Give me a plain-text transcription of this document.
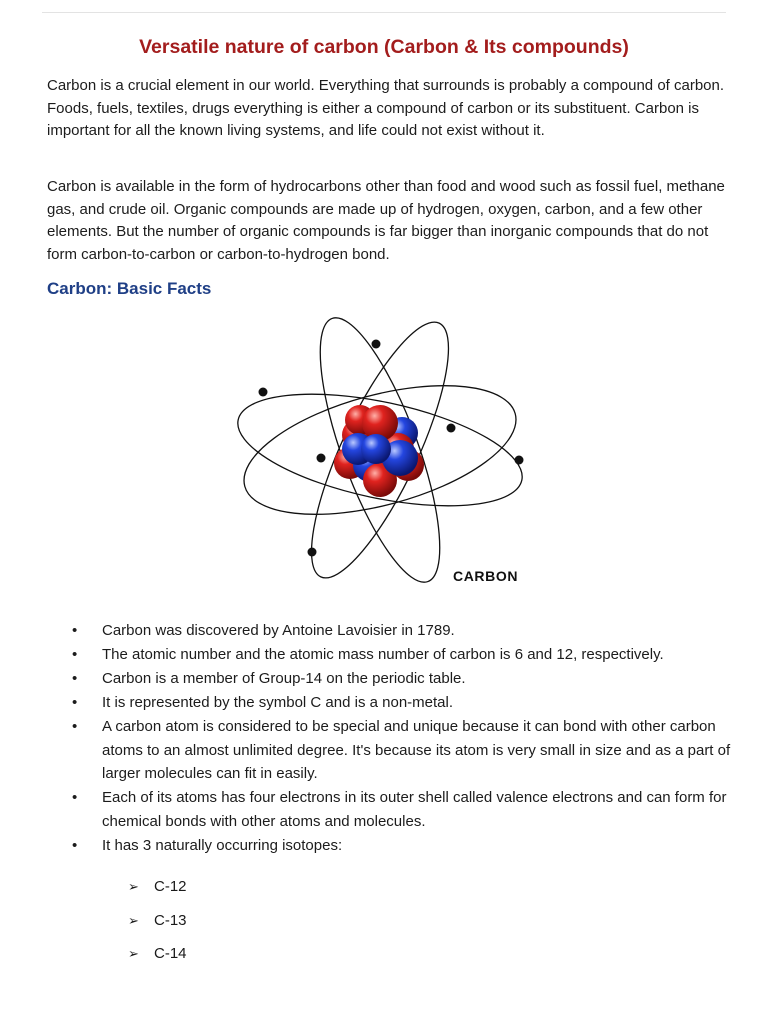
Versatile nature of carbon (Carbon & Its compounds)

Carbon is a crucial element in our world. Everything that surrounds is probably a compound of carbon. Foods, fuels, textiles, drugs everything is either a compound of carbon or its substituent. Carbon is important for all the known living systems, and life could not exist without it.

Carbon is available in the form of hydrocarbons other than food and wood such as fossil fuel, methane gas, and crude oil. Organic compounds are made up of hydrogen, oxygen, carbon, and a few other elements. But the number of organic compounds is far bigger than inorganic compounds that do not form carbon-to-carbon or carbon-to-hydrogen bond.

Carbon: Basic Facts
CARBON
• Carbon was discovered by Antoine Lavoisier in 1789.
• The atomic number and the atomic mass number of carbon is 6 and 12, respectively.
• Carbon is a member of Group-14 on the periodic table.
• It is represented by the symbol C and is a non-metal.
• A carbon atom is considered to be special and unique because it can bond with other carbon atoms to an almost unlimited degree. It's because its atom is very small in size and as a part of larger molecules can fit in easily.
• Each of its atoms has four electrons in its outer shell called valence electrons and can form for chemical bonds with other atoms and molecules.
• It has 3 naturally occurring isotopes:
➢ C-12
➢ C-13
➢ C-14
